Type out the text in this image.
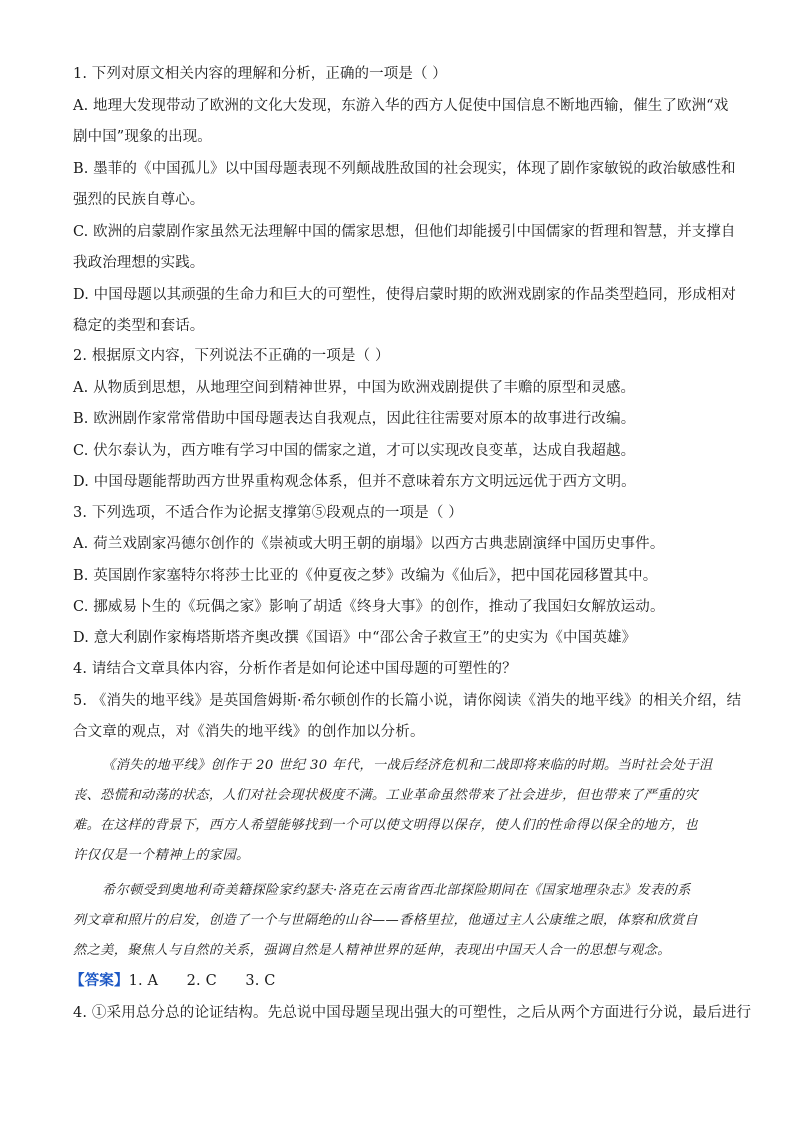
1. 下列对原文相关内容的理解和分析，正确的一项是（ ）
A. 地理大发现带动了欧洲的文化大发现，东游入华的西方人促使中国信息不断地西输，催生了欧洲“戏
剧中国”现象的出现。
B. 墨菲的《中国孤儿》以中国母题表现不列颠战胜敌国的社会现实，体现了剧作家敏锐的政治敏感性和
强烈的民族自尊心。
C. 欧洲的启蒙剧作家虽然无法理解中国的儒家思想，但他们却能援引中国儒家的哲理和智慧，并支撑自
我政治理想的实践。
D. 中国母题以其顽强的生命力和巨大的可塑性，使得启蒙时期的欧洲戏剧家的作品类型趋同，形成相对
稳定的类型和套话。
2. 根据原文内容，下列说法不正确的一项是（ ）
A. 从物质到思想，从地理空间到精神世界，中国为欧洲戏剧提供了丰赡的原型和灵感。
B. 欧洲剧作家常常借助中国母题表达自我观点，因此往往需要对原本的故事进行改编。
C. 伏尔泰认为，西方唯有学习中国的儒家之道，才可以实现改良变革，达成自我超越。
D. 中国母题能帮助西方世界重构观念体系，但并不意味着东方文明远远优于西方文明。
3. 下列选项，不适合作为论据支撑第⑤段观点的一项是（ ）
A. 荷兰戏剧家冯德尔创作的《崇祯或大明王朝的崩塌》以西方古典悲剧演绎中国历史事件。
B. 英国剧作家塞特尔将莎士比亚的《仲夏夜之梦》改编为《仙后》，把中国花园移置其中。
C. 挪威易卜生的《玩偶之家》影响了胡适《终身大事》的创作，推动了我国妇女解放运动。
D. 意大利剧作家梅塔斯塔齐奥改撰《国语》中“邵公舍子救宣王”的史实为《中国英雄》
4. 请结合文章具体内容，分析作者是如何论述中国母题的可塑性的？
5. 《消失的地平线》是英国詹姆斯·希尔顿创作的长篇小说，请你阅读《消失的地平线》的相关介绍，结
合文章的观点，对《消失的地平线》的创作加以分析。
《消失的地平线》创作于 20 世纪 30 年代，一战后经济危机和二战即将来临的时期。当时社会处于沮
丧、恐慌和动荡的状态，人们对社会现状极度不满。工业革命虽然带来了社会进步，但也带来了严重的灾
难。在这样的背景下，西方人希望能够找到一个可以使文明得以保存，使人们的性命得以保全的地方，也
许仅仅是一个精神上的家园。
希尔顿受到奥地利奇美籍探险家约瑟夫·洛克在云南省西北部探险期间在《国家地理杂志》发表的系
列文章和照片的启发，创造了一个与世隔绝的山谷——香格里拉，他通过主人公康维之眼，体察和欣赏自
然之美，聚焦人与自然的关系，强调自然是人精神世界的延伸，表现出中国天人合一的思想与观念。
【答案】1. A      2. C      3. C
4. ①采用总分总的论证结构。先总说中国母题呈现出强大的可塑性，之后从两个方面进行分说，最后进行
